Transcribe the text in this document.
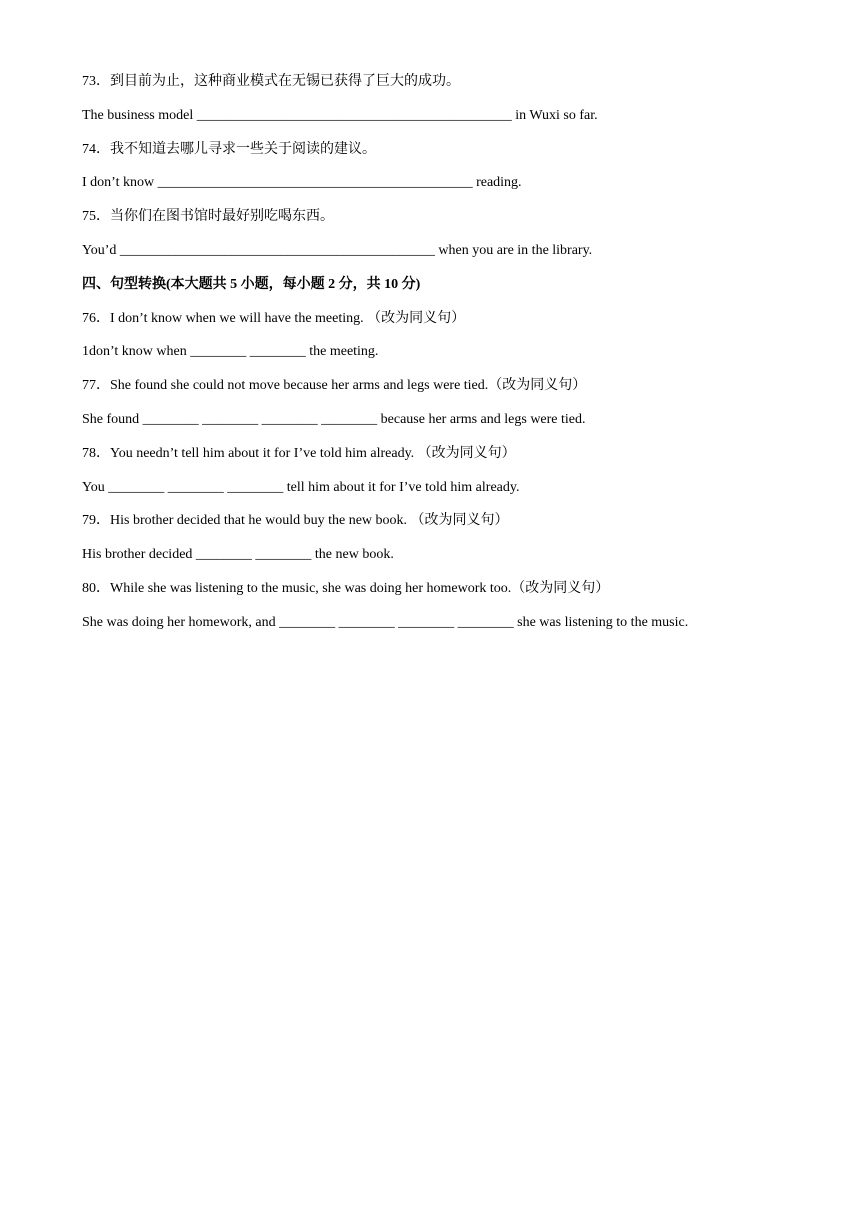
73．到目前为止，这种商业模式在无锡已获得了巨大的成功。
The business model _____________________________________________ in Wuxi so far.
74．我不知道去哪儿寻求一些关于阅读的建议。
I don’t know _____________________________________________ reading.
75．当你们在图书馆时最好别吃喝东西。
You’d _____________________________________________ when you are in the library.
四、句型转换(本大题共 5 小题，每小题 2 分，共 10 分)
76．I don’t know when we will have the meeting. （改为同义句）
1don’t know when ________ ________ the meeting.
77．She found she could not move because her arms and legs were tied.（改为同义句）
She found ________ ________ ________ ________ because her arms and legs were tied.
78．You needn’t tell him about it for I’ve told him already. （改为同义句）
You ________ ________ ________ tell him about it for I’ve told him already.
79．His brother decided that he would buy the new book. （改为同义句）
His brother decided ________ ________ the new book.
80．While she was listening to the music, she was doing her homework too.（改为同义句）
She was doing her homework, and ________ ________ ________ ________ she was listening to the music.
